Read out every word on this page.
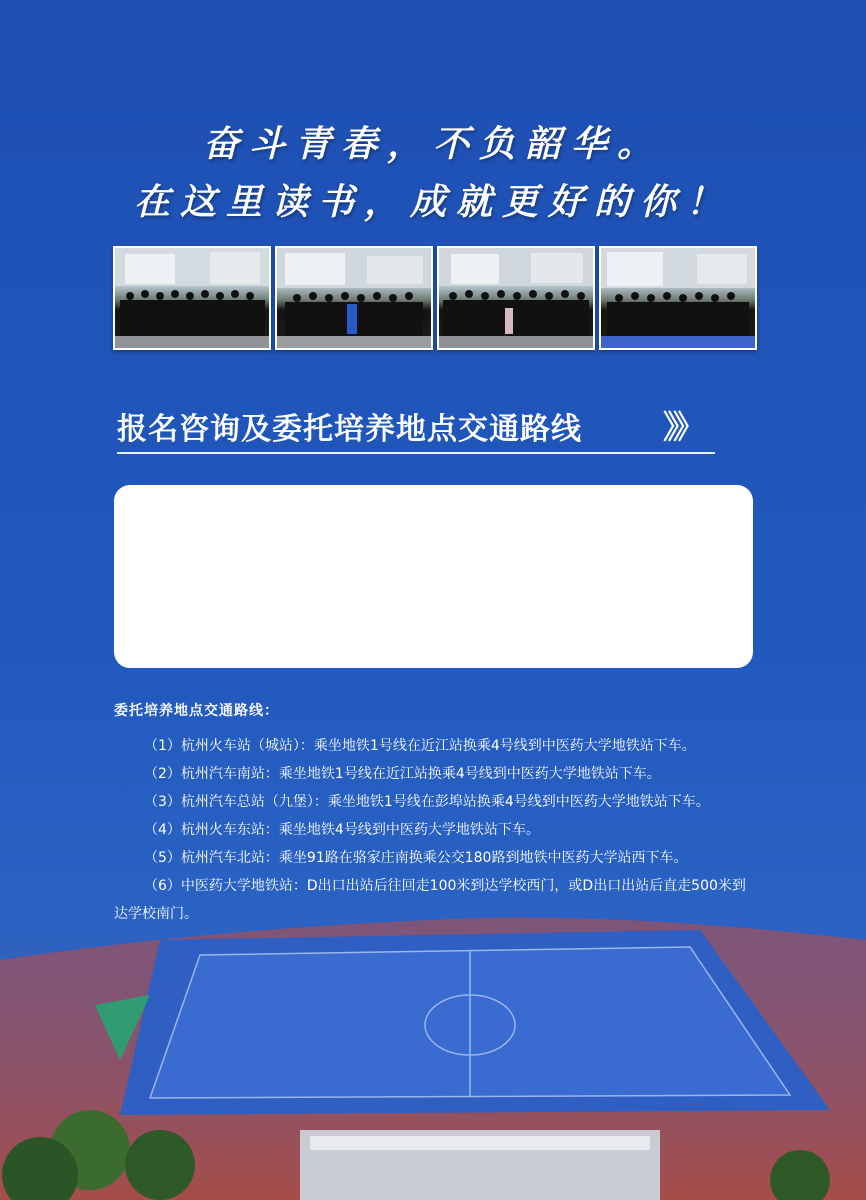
奋斗青春，不负韶华。
在这里读书，成就更好的你！
报名咨询及委托培养地点交通路线	》》
委托培养地点交通路线：
（1）杭州火车站（城站）：乘坐地铁1号线在近江站换乘4号线到中医药大学地铁站下车。
（2）杭州汽车南站：乘坐地铁1号线在近江站换乘4号线到中医药大学地铁站下车。
（3）杭州汽车总站（九堡）：乘坐地铁1号线在彭埠站换乘4号线到中医药大学地铁站下车。
（4）杭州火车东站：乘坐地铁4号线到中医药大学地铁站下车。
（5）杭州汽车北站：乘坐91路在骆家庄南换乘公交180路到地铁中医药大学站西下车。
（6）中医药大学地铁站：D出口出站后往回走100米到达学校西门，或D出口出站后直走500米到达学校南门。
